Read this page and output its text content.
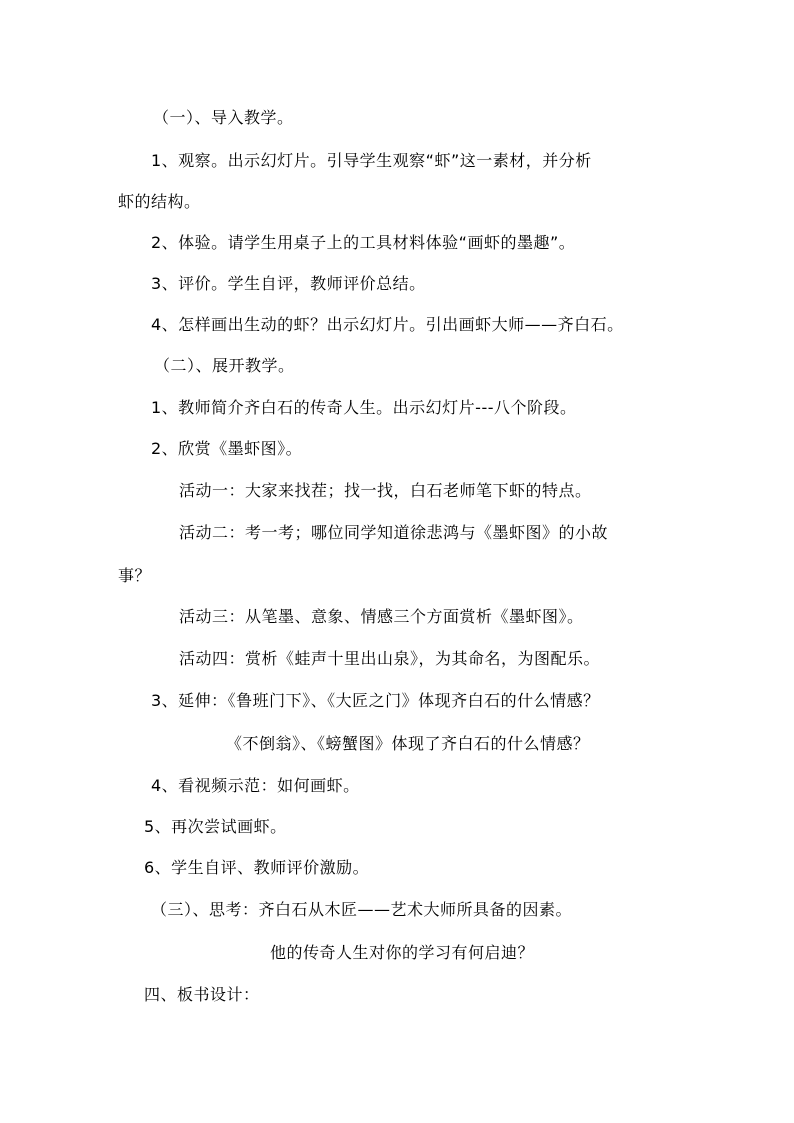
（一）、导入教学。
1、观察。出示幻灯片。引导学生观察“虾”这一素材，并分析
虾的结构。
2、体验。请学生用桌子上的工具材料体验“画虾的墨趣”。
3、评价。学生自评，教师评价总结。
4、怎样画出生动的虾？出示幻灯片。引出画虾大师——齐白石。
（二）、展开教学。
1、教师简介齐白石的传奇人生。出示幻灯片---八个阶段。
2、欣赏《墨虾图》。
活动一：大家来找茬；找一找，白石老师笔下虾的特点。
活动二：考一考；哪位同学知道徐悲鸿与《墨虾图》的小故
事？
活动三：从笔墨、意象、情感三个方面赏析《墨虾图》。
活动四：赏析《蛙声十里出山泉》，为其命名，为图配乐。
3、延伸：《鲁班门下》、《大匠之门》体现齐白石的什么情感？
《不倒翁》、《螃蟹图》体现了齐白石的什么情感？
4、看视频示范：如何画虾。
5、再次尝试画虾。
6、学生自评、教师评价激励。
（三）、思考：齐白石从木匠——艺术大师所具备的因素。
他的传奇人生对你的学习有何启迪？
四、板书设计：
